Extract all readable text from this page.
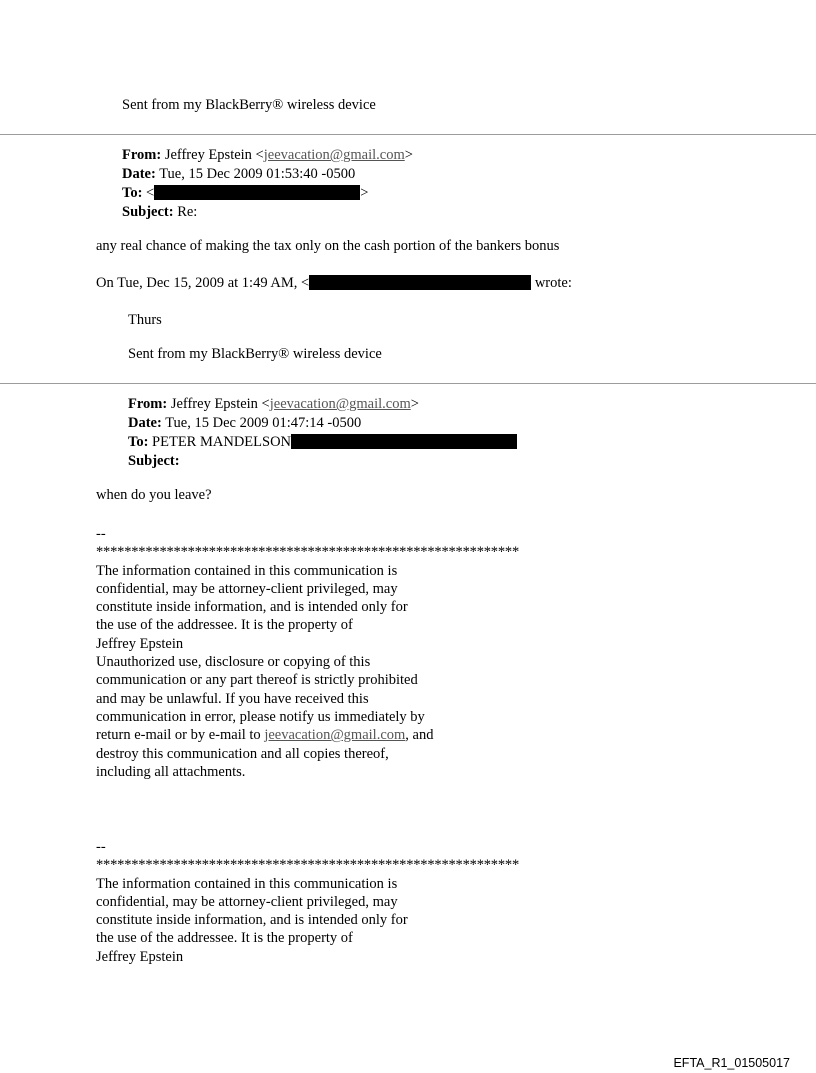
Sent from my BlackBerry® wireless device
From: Jeffrey Epstein <jeevacation@gmail.com>
Date: Tue, 15 Dec 2009 01:53:40 -0500
To: <	>
Subject: Re:
any real chance of making the tax only on the cash portion of the bankers bonus
On Tue, Dec 15, 2009 at 1:49 AM, <	wrote:
Thurs
Sent from my BlackBerry® wireless device
From: Jeffrey Epstein <jeevacation@gmail.com>
Date: Tue, 15 Dec 2009 01:47:14 -0500
To: PETER MANDELSON
Subject:
when do you leave?
--
************************************************************
The information contained in this communication is
confidential, may be attorney-client privileged, may
constitute inside information, and is intended only for
the use of the addressee. It is the property of
Jeffrey Epstein
Unauthorized use, disclosure or copying of this
communication or any part thereof is strictly prohibited
and may be unlawful. If you have received this
communication in error, please notify us immediately by
return e-mail or by e-mail to jeevacation@gmail.com, and
destroy this communication and all copies thereof,
including all attachments.
--
************************************************************
The information contained in this communication is
confidential, may be attorney-client privileged, may
constitute inside information, and is intended only for
the use of the addressee. It is the property of
Jeffrey Epstein
EFTA_R1_01505017
